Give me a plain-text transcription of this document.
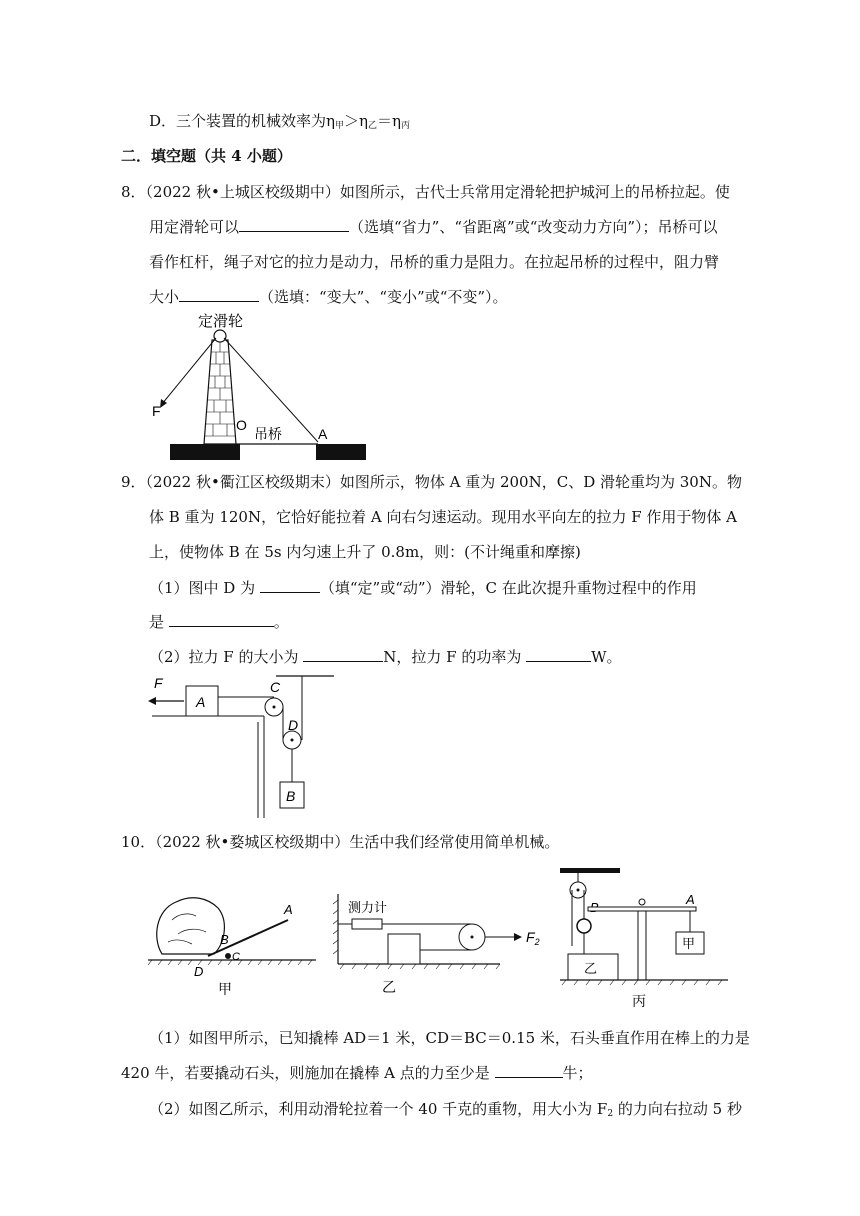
D．三个装置的机械效率为$\eta_甲>\eta_乙=\eta_丙$
二．填空题（共 4 小题）
8．（2022 秋•上城区校级期中）如图所示，古代士兵常用定滑轮把护城河上的吊桥拉起。使
用定滑轮可以	（选填“省力”、“省距离”或“改变动力方向”）；吊桥可以
看作杠杆，绳子对它的拉力是动力，吊桥的重力是阻力。在拉起吊桥的过程中，阻力臂
大小	（选填：“变大”、“变小”或“不变”）。
定滑轮
F
O
吊桥	A
9．（2022 秋•衢江区校级期末）如图所示，物体 A 重为 200N，C、D 滑轮重均为 30N。物
体 B 重为 120N，它恰好能拉着 A 向右匀速运动。现用水平向左的拉力 F 作用于物体 A
上，使物体 B 在 5s 内匀速上升了 0.8m，则：(不计绳重和摩擦)
（1）图中 D 为	（填“定”或“动”）滑轮，C 在此次提升重物过程中的作用
是	。
（2）拉力 F 的大小为	N，拉力 F 的功率为	W。
F
A
C
D
B
10．（2022 秋•婺城区校级期中）生活中我们经常使用简单机械。
A
B
C
D
甲
测力计
$F_2$
乙
A
甲
乙
丙
（1）如图甲所示，已知撬棒 AD＝1 米，CD＝BC＝0.15 米，石头垂直作用在棒上的力是
420 牛，若要撬动石头，则施加在撬棒 A 点的力至少是	牛；
（2）如图乙所示，利用动滑轮拉着一个 40 千克的重物，用大小为 $F_2$ 的力向右拉动 5 秒
